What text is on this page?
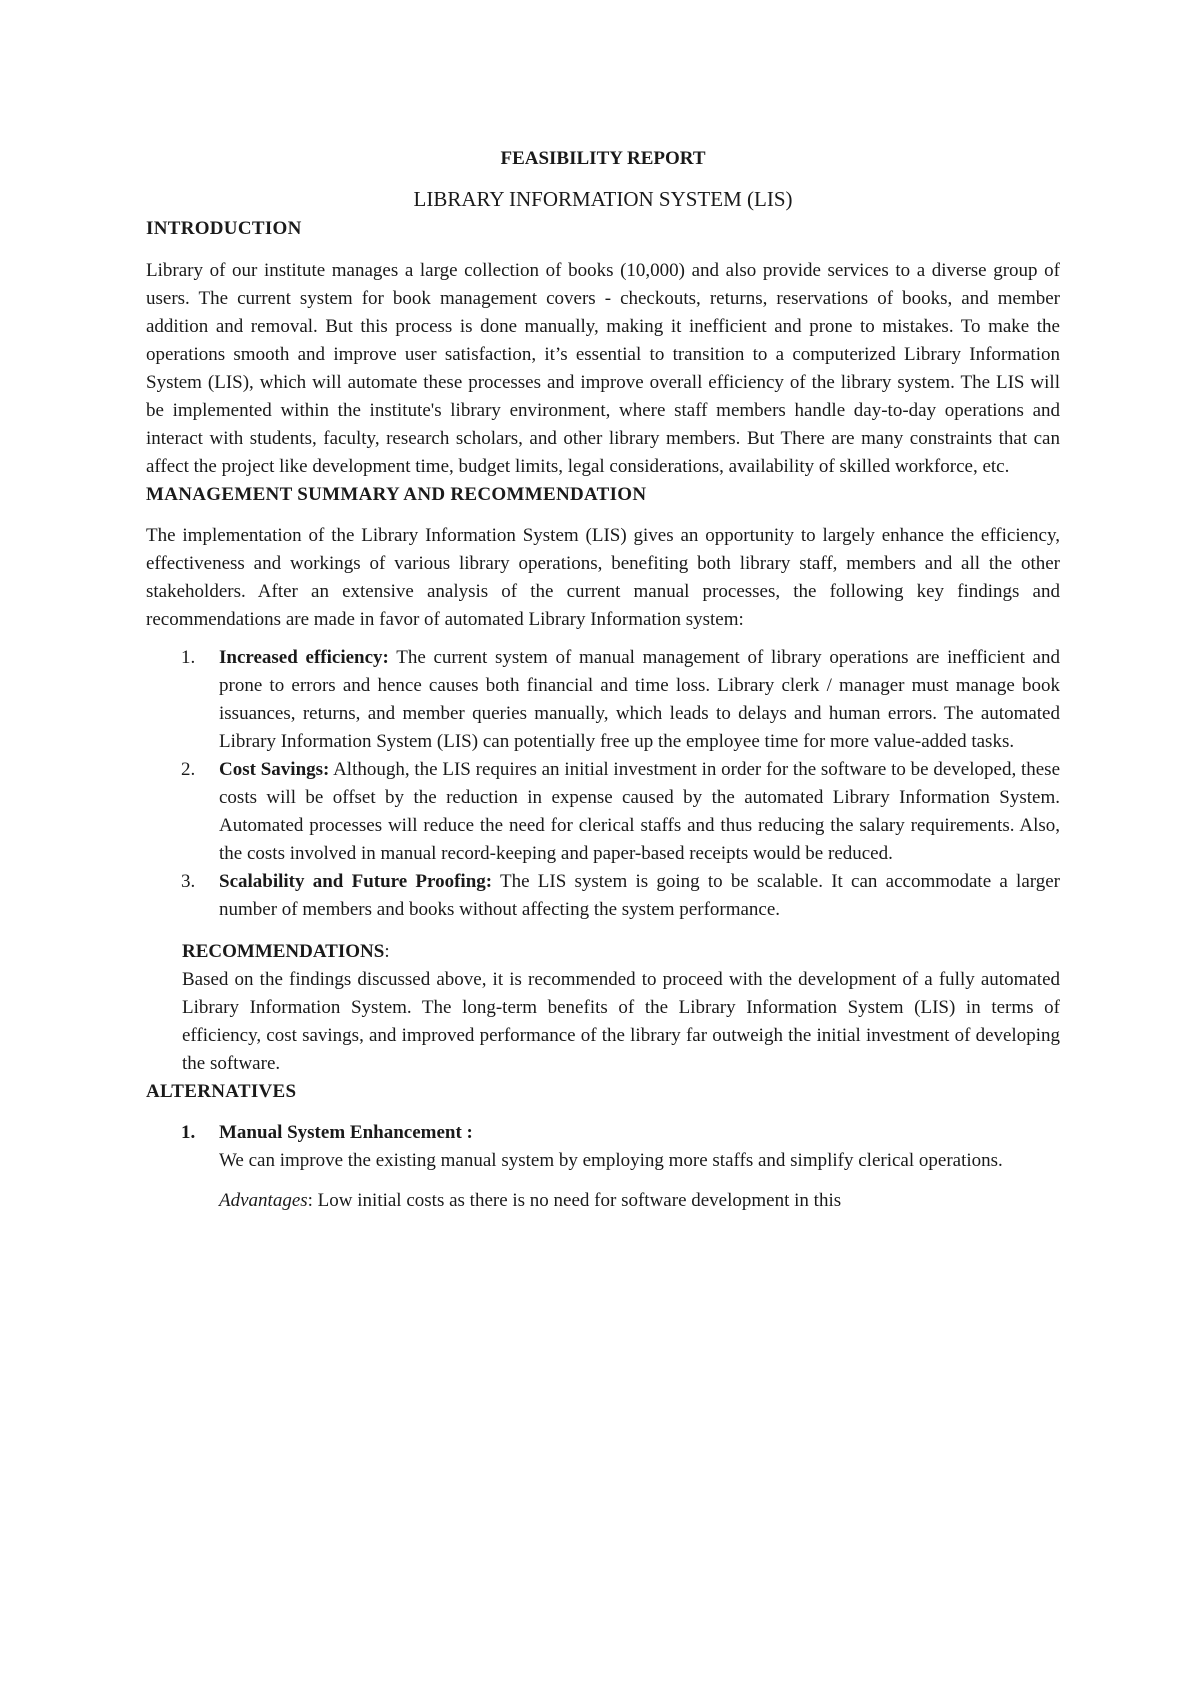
FEASIBILITY REPORT
LIBRARY INFORMATION SYSTEM (LIS)
INTRODUCTION

Library of our institute manages a large collection of books (10,000) and also provide services to a diverse group of users. The current system for book management covers - checkouts, returns, reservations of books, and member addition and removal. But this process is done manually, making it inefficient and prone to mistakes. To make the operations smooth and improve user satisfaction, it’s essential to transition to a computerized Library Information System (LIS), which will automate these processes and improve overall efficiency of the library system. The LIS will be implemented within the institute's library environment, where staff members handle day-to-day operations and interact with students, faculty, research scholars, and other library members. But There are many constraints that can affect the project like development time, budget limits, legal considerations, availability of skilled workforce, etc.

MANAGEMENT SUMMARY AND RECOMMENDATION

The implementation of the Library Information System (LIS) gives an opportunity to largely enhance the efficiency, effectiveness and workings of various library operations, benefiting both library staff, members and all the other stakeholders. After an extensive analysis of the current manual processes, the following key findings and recommendations are made in favor of automated Library Information system:

1. Increased efficiency: The current system of manual management of library operations are inefficient and prone to errors and hence causes both financial and time loss. Library clerk / manager must manage book issuances, returns, and member queries manually, which leads to delays and human errors. The automated Library Information System (LIS) can potentially free up the employee time for more value-added tasks.
2. Cost Savings: Although, the LIS requires an initial investment in order for the software to be developed, these costs will be offset by the reduction in expense caused by the automated Library Information System. Automated processes will reduce the need for clerical staffs and thus reducing the salary requirements. Also, the costs involved in manual record-keeping and paper-based receipts would be reduced.
3. Scalability and Future Proofing: The LIS system is going to be scalable. It can accommodate a larger number of members and books without affecting the system performance.

RECOMMENDATIONS:

Based on the findings discussed above, it is recommended to proceed with the development of a fully automated Library Information System. The long-term benefits of the Library Information System (LIS) in terms of efficiency, cost savings, and improved performance of the library far outweigh the initial investment of developing the software.

ALTERNATIVES
1. Manual System Enhancement :
We can improve the existing manual system by employing more staffs and simplify clerical operations.
Advantages: Low initial costs as there is no need for software development in this
